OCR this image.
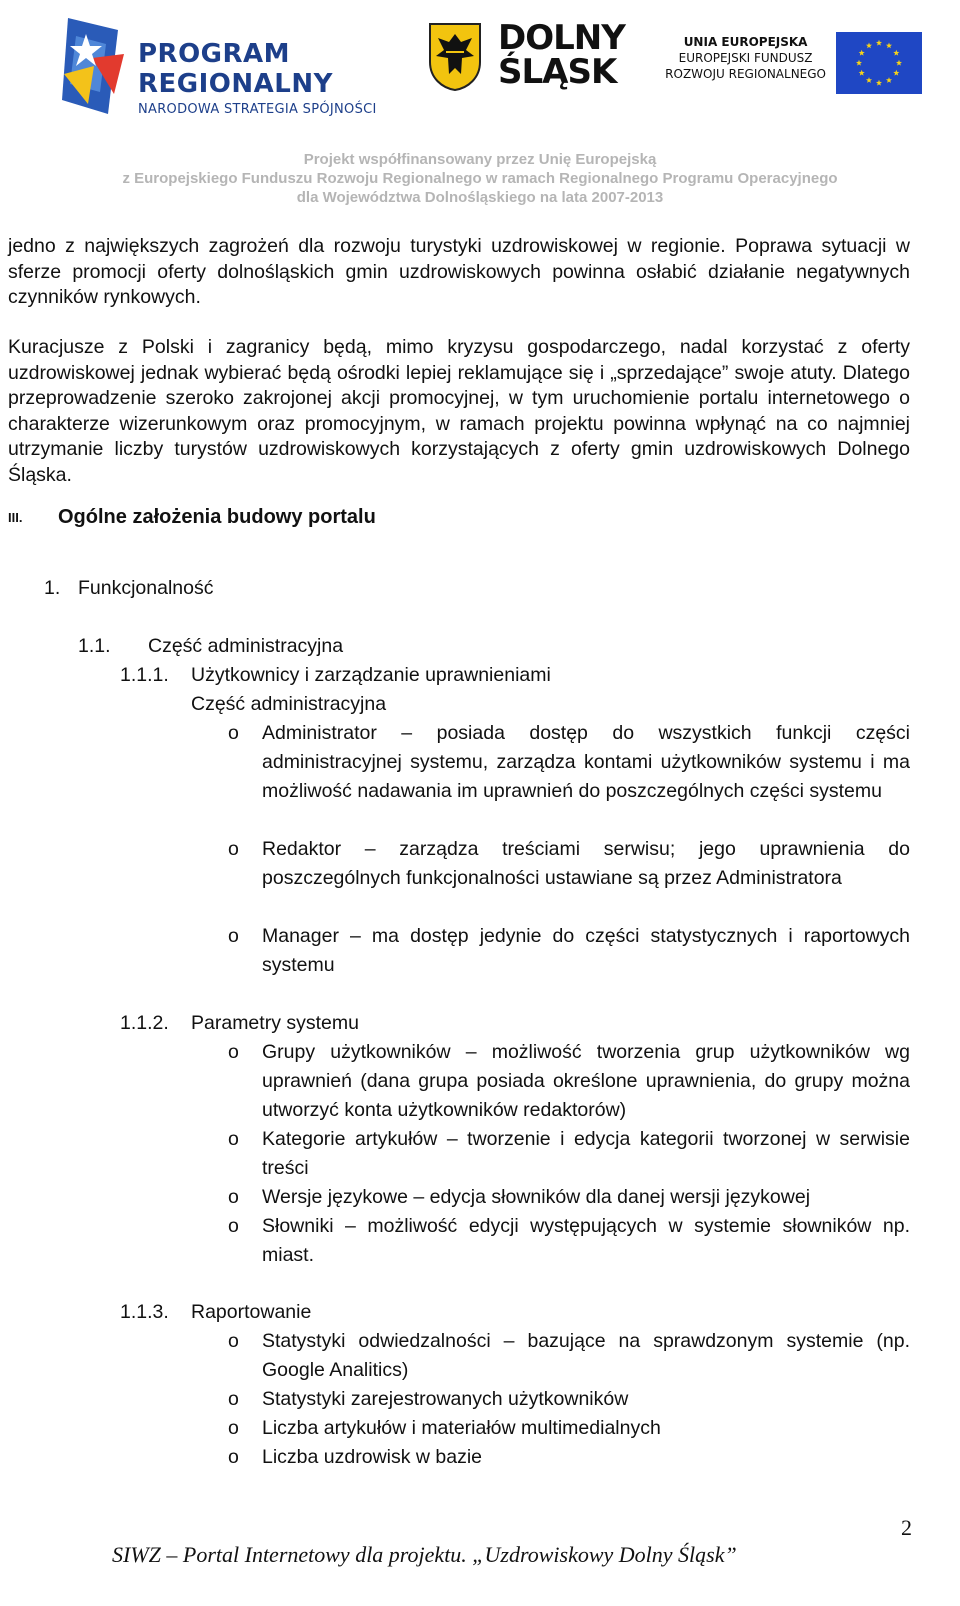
PROGRAM
REGIONALNY
NARODOWA STRATEGIA SPÓJNOŚCI
DOLNY
ŚLĄSK
UNIA EUROPEJSKA
EUROPEJSKI FUNDUSZ
ROZWOJU REGIONALNEGO
Projekt współfinansowany przez Unię Europejską
z Europejskiego Funduszu Rozwoju Regionalnego w ramach Regionalnego Programu Operacyjnego
dla Województwa Dolnośląskiego na lata 2007-2013
jedno z największych zagrożeń dla rozwoju turystyki uzdrowiskowej w regionie. Poprawa sytuacji w sferze promocji oferty dolnośląskich gmin uzdrowiskowych powinna osłabić działanie negatywnych czynników rynkowych.
Kuracjusze z Polski i zagranicy będą, mimo kryzysu gospodarczego, nadal korzystać z oferty uzdrowiskowej jednak wybierać będą ośrodki lepiej reklamujące się i „sprzedające” swoje atuty. Dlatego przeprowadzenie szeroko zakrojonej akcji promocyjnej, w tym uruchomienie portalu internetowego o charakterze wizerunkowym oraz promocyjnym, w ramach projektu powinna wpłynąć na co najmniej utrzymanie liczby turystów uzdrowiskowych korzystających z oferty gmin uzdrowiskowych Dolnego Śląska.
III. Ogólne założenia budowy portalu
1. Funkcjonalność
1.1. Część administracyjna
1.1.1. Użytkownicy i zarządzanie uprawnieniami
Część administracyjna
o Administrator – posiada dostęp do wszystkich funkcji części administracyjnej systemu, zarządza kontami użytkowników systemu i ma możliwość nadawania im uprawnień do poszczególnych części systemu
o Redaktor – zarządza treściami serwisu; jego uprawnienia do poszczególnych funkcjonalności ustawiane są przez Administratora
o Manager – ma dostęp jedynie do części statystycznych i raportowych systemu
1.1.2. Parametry systemu
o Grupy użytkowników – możliwość tworzenia grup użytkowników wg uprawnień (dana grupa posiada określone uprawnienia, do grupy można utworzyć konta użytkowników redaktorów)
o Kategorie artykułów – tworzenie i edycja kategorii tworzonej w serwisie treści
o Wersje językowe – edycja słowników dla danej wersji językowej
o Słowniki – możliwość edycji występujących w systemie słowników np. miast.
1.1.3. Raportowanie
o Statystyki odwiedzalności – bazujące na sprawdzonym systemie (np. Google Analitics)
o Statystyki zarejestrowanych użytkowników
o Liczba artykułów i materiałów multimedialnych
o Liczba uzdrowisk w bazie
2
SIWZ – Portal Internetowy dla projektu. „Uzdrowiskowy Dolny Śląsk”
